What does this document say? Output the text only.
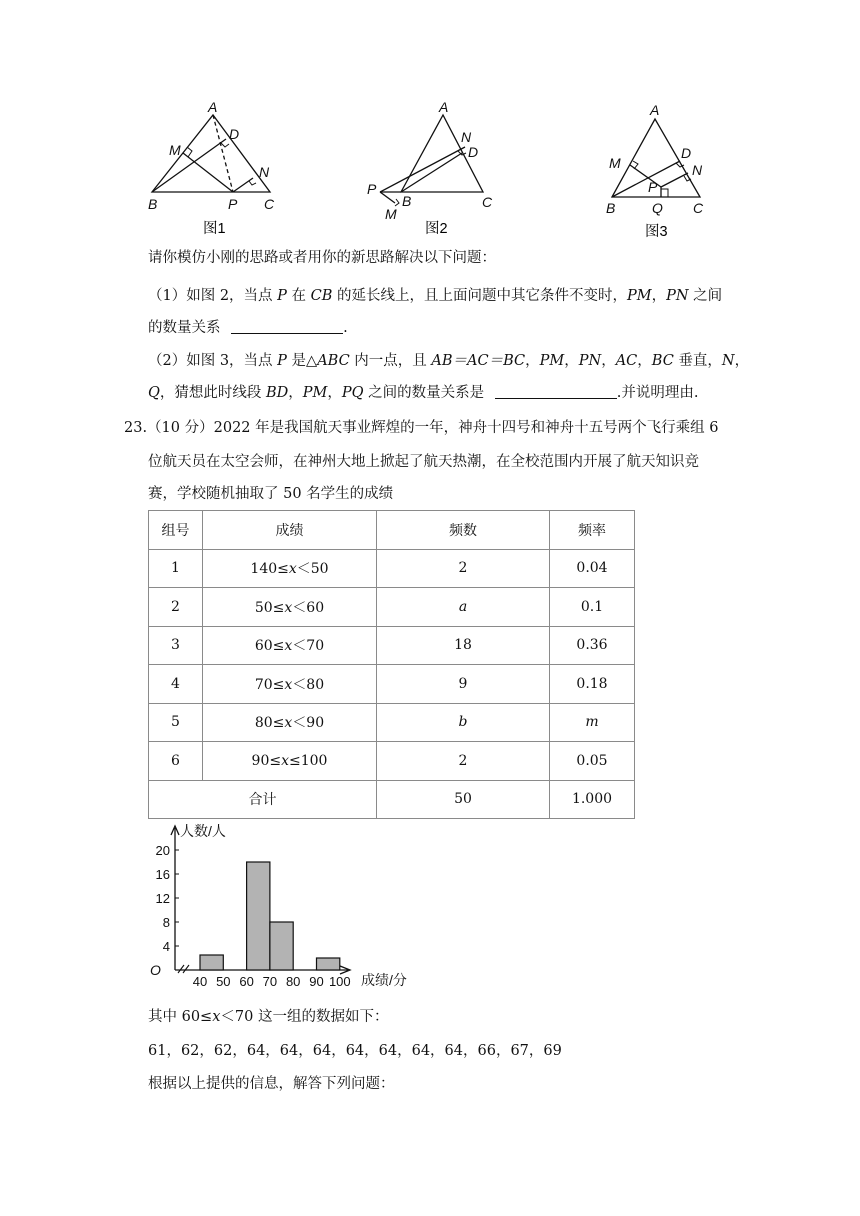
A
D
M
N
B	P C
图1
A
N
D
P
B
M
C
图2
A
D
M	N
P
B	Q C
图3
请你模仿小刚的思路或者用你的新思路解决以下问题：
（1）如图 2，当点 P 在 CB 的延长线上，且上面问题中其它条件不变时，PM，PN 之间
的数量关系	.
（2）如图 3，当点 P 是△ABC 内一点，且 AB＝AC＝BC，PM，PN，AC，BC 垂直，N，
Q，猜想此时线段 BD，PM，PQ 之间的数量关系是	.并说明理由.
23.（10 分）2022 年是我国航天事业辉煌的一年，神舟十四号和神舟十五号两个飞行乘组 6
位航天员在太空会师，在神州大地上掀起了航天热潮，在全校范围内开展了航天知识竞
赛，学校随机抽取了 50 名学生的成绩
组号	成绩	频数	频率
1	140≤x＜50	2	0.04
2	50≤x＜60	a	0.1
3	60≤x＜70	18	0.36
4	70≤x＜80	9	0.18
5	80≤x＜90	b	m
6	90≤x≤100	2	0.05
合计		50	1.000
4
8
12
16
20
40 50 60 70 80 90 100
人数/人
成绩/分
O
其中 60≤x＜70 这一组的数据如下：
61，62，62，64，64，64，64，64，64，64，66，67，69
根据以上提供的信息，解答下列问题：
